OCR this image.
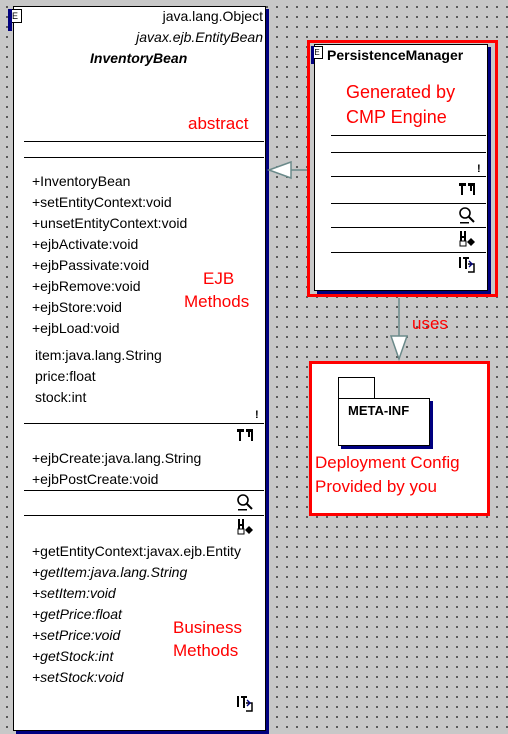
E	java.lang.Object
javax.ejb.EntityBean
InventoryBean
abstract
+InventoryBean
+setEntityContext:void
+unsetEntityContext:void
+ejbActivate:void
+ejbPassivate:void
+ejbRemove:void
+ejbStore:void
+ejbLoad:void
EJB
Methods
item:java.lang.String
price:float
stock:int
!
+ejbCreate:java.lang.String
+ejbPostCreate:void
+getEntityContext:javax.ejb.Entity
+getItem:java.lang.String
+setItem:void
+getPrice:float
+setPrice:void
+getStock:int
+setStock:void
Business
Methods
E PersistenceManager
Generated by
CMP Engine
!
uses
META-INF
Deployment Config
Provided by you
